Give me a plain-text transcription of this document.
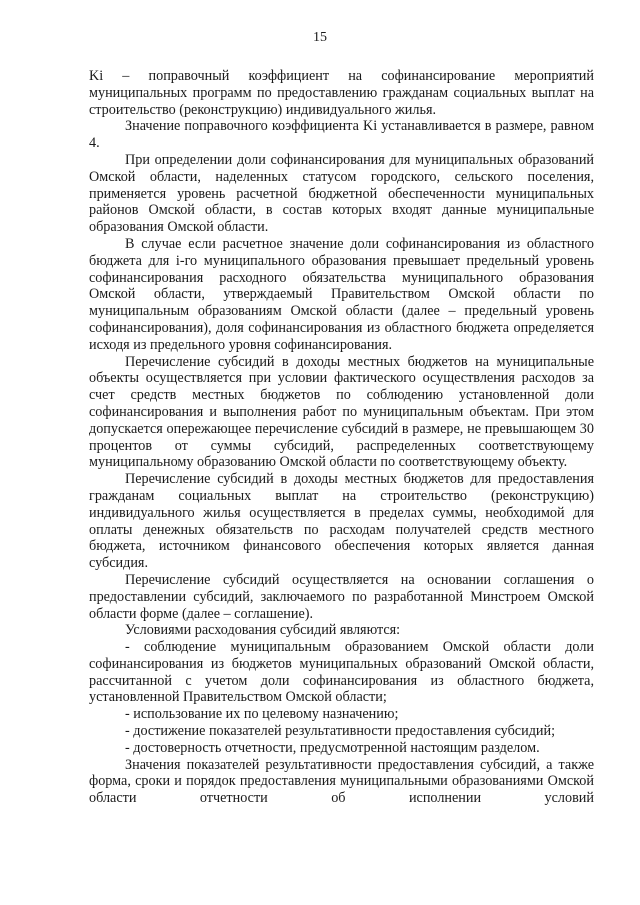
15

Ki – поправочный коэффициент на софинансирование мероприятий муниципальных программ по предоставлению гражданам социальных выплат на строительство (реконструкцию) индивидуального жилья.

Значение поправочного коэффициента Ki устанавливается в размере, равном 4.

При определении доли софинансирования для муниципальных образований Омской области, наделенных статусом городского, сельского поселения, применяется уровень расчетной бюджетной обеспеченности муниципальных районов Омской области, в состав которых входят данные муниципальные образования Омской области.

В случае если расчетное значение доли софинансирования из областного бюджета для i-го муниципального образования превышает предельный уровень софинансирования расходного обязательства муниципального образования Омской области, утверждаемый Правительством Омской области по муниципальным образованиям Омской области (далее – предельный уровень софинансирования), доля софинансирования из областного бюджета определяется исходя из предельного уровня софинансирования.

Перечисление субсидий в доходы местных бюджетов на муниципальные объекты осуществляется при условии фактического осуществления расходов за счет средств местных бюджетов по соблюдению установленной доли софинансирования и выполнения работ по муниципальным объектам. При этом допускается опережающее перечисление субсидий в размере, не превышающем 30 процентов от суммы субсидий, распределенных соответствующему муниципальному образованию Омской области по соответствующему объекту.

Перечисление субсидий в доходы местных бюджетов для предоставления гражданам социальных выплат на строительство (реконструкцию) индивидуального жилья осуществляется в пределах суммы, необходимой для оплаты денежных обязательств по расходам получателей средств местного бюджета, источником финансового обеспечения которых является данная субсидия.

Перечисление субсидий осуществляется на основании соглашения о предоставлении субсидий, заключаемого по разработанной Минстроем Омской области форме (далее – соглашение).

Условиями расходования субсидий являются:

- соблюдение муниципальным образованием Омской области доли софинансирования из бюджетов муниципальных образований Омской области, рассчитанной с учетом доли софинансирования из областного бюджета, установленной Правительством Омской области;

- использование их по целевому назначению;

- достижение показателей результативности предоставления субсидий;

- достоверность отчетности, предусмотренной настоящим разделом.

Значения показателей результативности предоставления субсидий, а также форма, сроки и порядок предоставления муниципальными образованиями Омской области отчетности об исполнении условий
